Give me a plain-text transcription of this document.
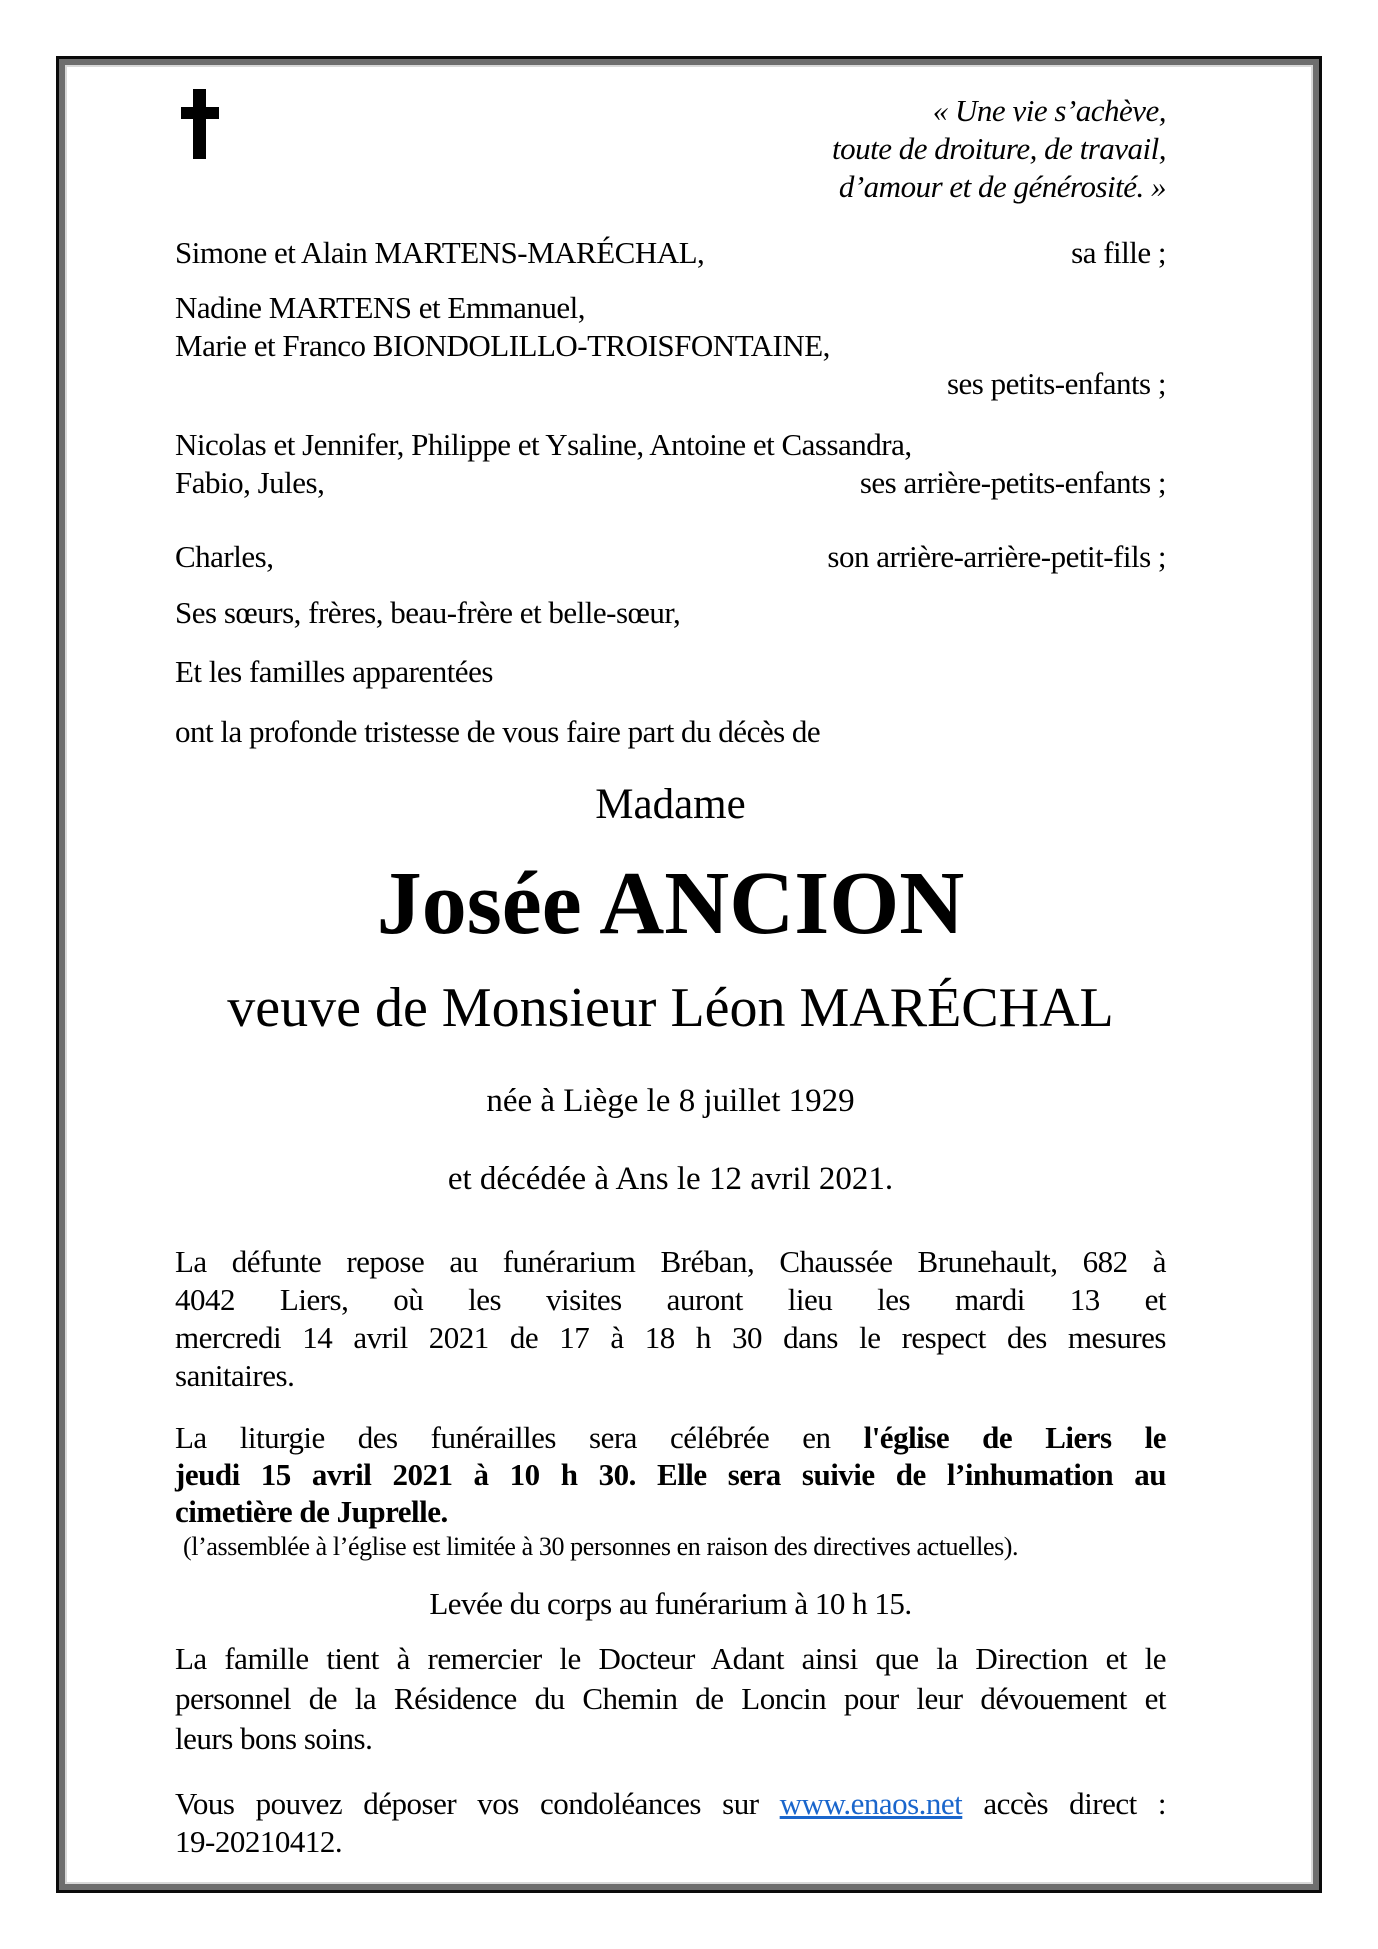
« Une vie s’achève,
toute de droiture, de travail,
d’amour et de générosité. »
Simone et Alain MARTENS-MARÉCHAL,	sa fille ;
Nadine MARTENS et Emmanuel,
Marie et Franco BIONDOLILLO-TROISFONTAINE,
ses petits-enfants ;
Nicolas et Jennifer, Philippe et Ysaline, Antoine et Cassandra,
Fabio, Jules,	ses arrière-petits-enfants ;
Charles,	son arrière-arrière-petit-fils ;
Ses sœurs, frères, beau-frère et belle-sœur,
Et les familles apparentées
ont la profonde tristesse de vous faire part du décès de
Madame
Josée ANCION
veuve de Monsieur Léon MARÉCHAL
née à Liège le 8 juillet 1929
et décédée à Ans le 12 avril 2021.
La défunte repose au funérarium Bréban, Chaussée Brunehault, 682 à
4042 Liers, où les visites auront lieu les mardi 13 et
mercredi 14 avril 2021 de 17 à 18 h 30 dans le respect des mesures
sanitaires.
La liturgie des funérailles sera célébrée en l'église de Liers le
jeudi 15 avril 2021 à 10 h 30. Elle sera suivie de l’inhumation au
cimetière de Juprelle.
(l’assemblée à l’église est limitée à 30 personnes en raison des directives actuelles).
Levée du corps au funérarium à 10 h 15.
La famille tient à remercier le Docteur Adant ainsi que la Direction et le
personnel de la Résidence du Chemin de Loncin pour leur dévouement et
leurs bons soins.
Vous pouvez déposer vos condoléances sur www.enaos.net accès direct :
19-20210412.
